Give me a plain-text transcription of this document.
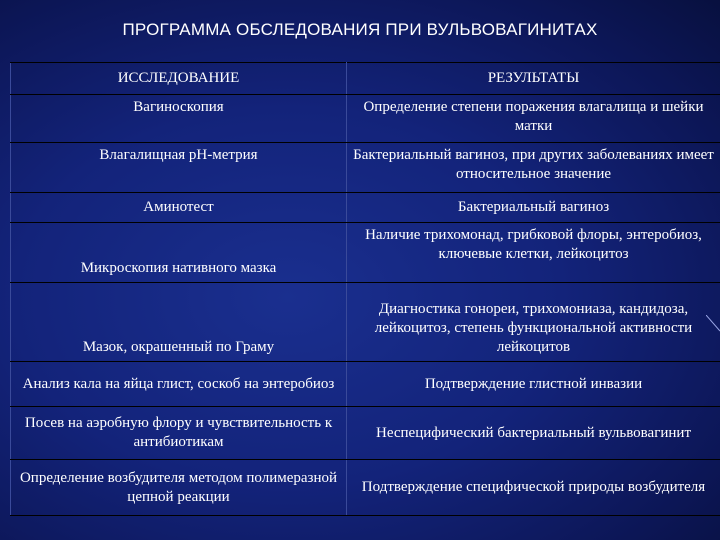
ПРОГРАММА ОБСЛЕДОВАНИЯ ПРИ ВУЛЬВОВАГИНИТАХ
ИССЛЕДОВАНИЕ	РЕЗУЛЬТАТЫ
Вагиноскопия	Определение степени поражения влагалища и шейки матки
Влагалищная рН-метрия	Бактериальный вагиноз, при других заболеваниях имеет относительное значение
Аминотест	Бактериальный вагиноз
Микроскопия нативного мазка	Наличие трихомонад, грибковой флоры, энтеробиоз, ключевые клетки, лейкоцитоз
Мазок, окрашенный по Граму	Диагностика гонореи, трихомониаза, кандидоза, лейкоцитоз, степень функциональной активности лейкоцитов
Анализ кала на яйца глист, соскоб на энтеробиоз	Подтверждение глистной инвазии
Посев на аэробную флору и чувствительность к антибиотикам	Неспецифический бактериальный вульвовагинит
Определение возбудителя методом полимеразной цепной реакции	Подтверждение специфической природы возбудителя
